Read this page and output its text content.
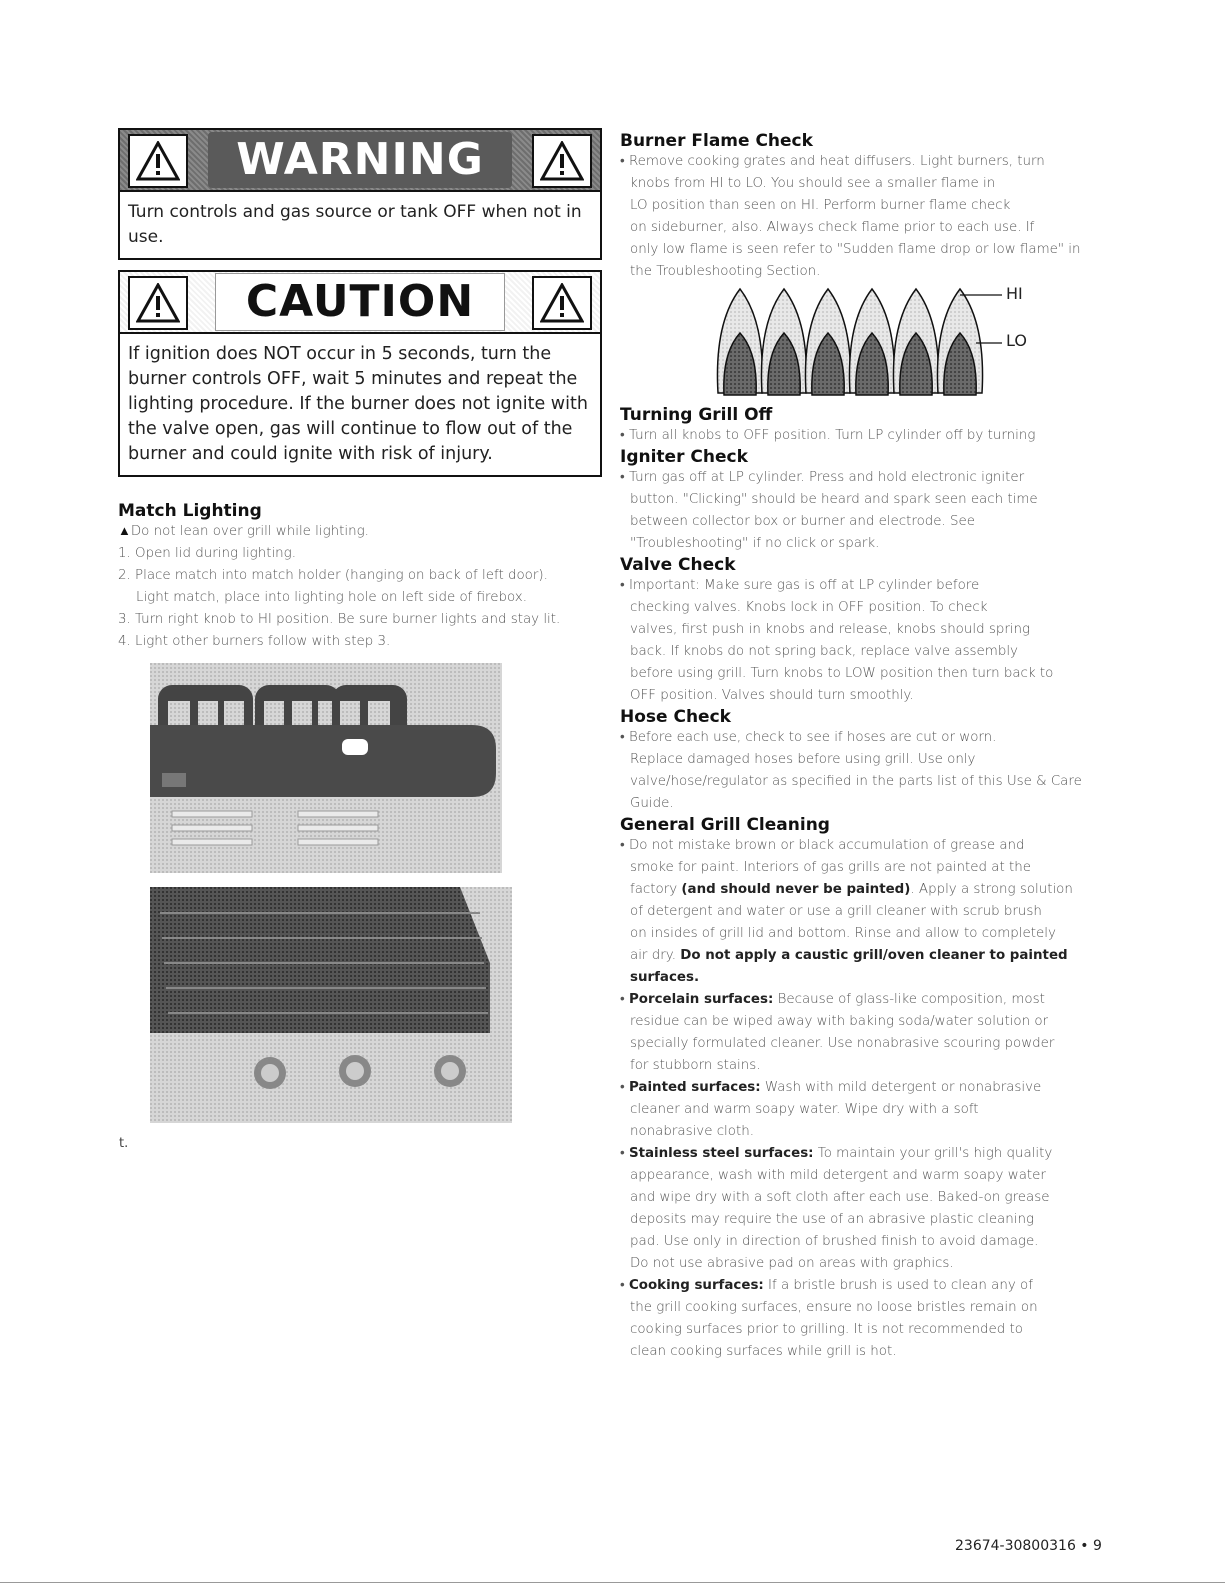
WARNING
Turn controls and gas source or tank OFF when not in use.
CAUTION
If ignition does NOT occur in 5 seconds, turn the burner controls OFF, wait 5 minutes and repeat the lighting procedure. If the burner does not ignite with the valve open, gas will continue to flow out of the burner and could ignite with risk of injury.
Match Lighting

▲Do not lean over grill while lighting.

1. Open lid during lighting.

2. Place match into match holder (hanging on back of left door).

Light match, place into lighting hole on left side of firebox.

3. Turn right knob to HI position. Be sure burner lights and stay lit.

4. Light other burners follow with step 3.

t.
Burner Flame Check

• Remove cooking grates and heat diffusers. Light burners, turn

knobs from HI to LO. You should see a smaller flame in

LO position than seen on HI. Perform burner flame check

on sideburner, also. Always check flame prior to each use. If

only low flame is seen refer to "Sudden flame drop or low flame" in

the Troubleshooting Section.

HI
LO
Turning Grill Off

• Turn all knobs to OFF position. Turn LP cylinder off by turning

Igniter Check

• Turn gas off at LP cylinder. Press and hold electronic igniter

button. "Clicking" should be heard and spark seen each time

between collector box or burner and electrode. See

"Troubleshooting" if no click or spark.

Valve Check

• Important: Make sure gas is off at LP cylinder before

checking valves. Knobs lock in OFF position. To check

valves, first push in knobs and release, knobs should spring

back. If knobs do not spring back, replace valve assembly

before using grill. Turn knobs to LOW position then turn back to

OFF position. Valves should turn smoothly.

Hose Check

• Before each use, check to see if hoses are cut or worn.

Replace damaged hoses before using grill. Use only

valve/hose/regulator as specified in the parts list of this Use & Care

Guide.

General Grill Cleaning

• Do not mistake brown or black accumulation of grease and

smoke for paint. Interiors of gas grills are not painted at the

factory (and should never be painted). Apply a strong solution

of detergent and water or use a grill cleaner with scrub brush

on insides of grill lid and bottom. Rinse and allow to completely

air dry. Do not apply a caustic grill/oven cleaner to painted

surfaces.

• Porcelain surfaces: Because of glass-like composition, most

residue can be wiped away with baking soda/water solution or

specially formulated cleaner. Use nonabrasive scouring powder

for stubborn stains.

• Painted surfaces: Wash with mild detergent or nonabrasive

cleaner and warm soapy water. Wipe dry with a soft

nonabrasive cloth.

• Stainless steel surfaces: To maintain your grill's high quality

appearance, wash with mild detergent and warm soapy water

and wipe dry with a soft cloth after each use. Baked-on grease

deposits may require the use of an abrasive plastic cleaning

pad. Use only in direction of brushed finish to avoid damage.

Do not use abrasive pad on areas with graphics.

• Cooking surfaces: If a bristle brush is used to clean any of

the grill cooking surfaces, ensure no loose bristles remain on

cooking surfaces prior to grilling. It is not recommended to

clean cooking surfaces while grill is hot.

23674-30800316 • 9
